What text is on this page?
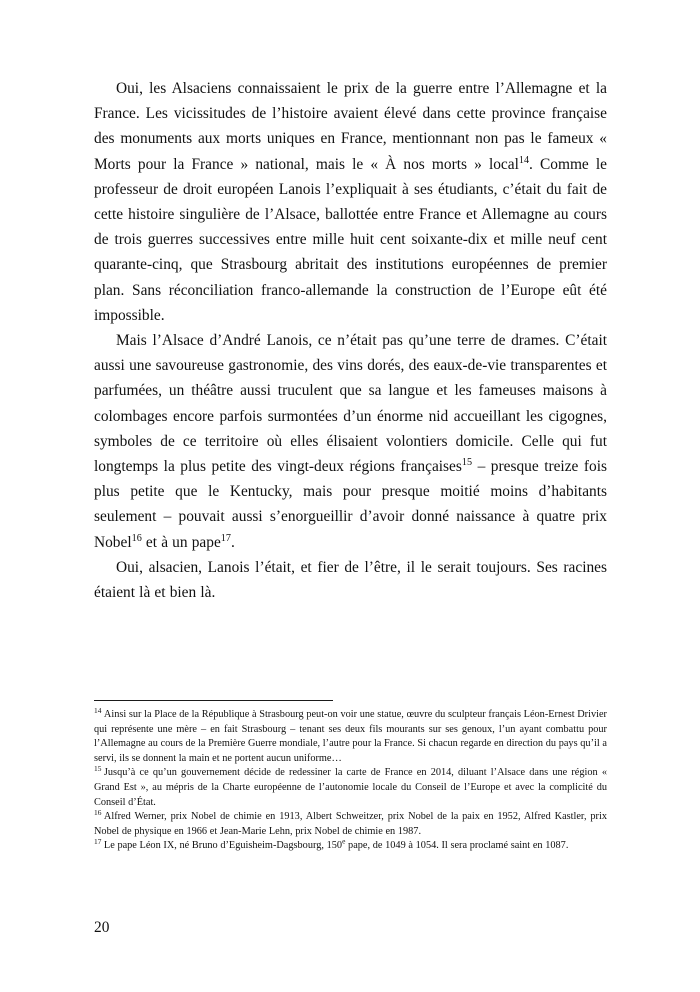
Oui, les Alsaciens connaissaient le prix de la guerre entre l’Allemagne et la France. Les vicissitudes de l’histoire avaient élevé dans cette province française des monuments aux morts uniques en France, mentionnant non pas le fameux « Morts pour la France » national, mais le « À nos morts » local$^{14}$. Comme le professeur de droit européen Lanois l’expliquait à ses étudiants, c’était du fait de cette histoire singulière de l’Alsace, ballottée entre France et Allemagne au cours de trois guerres successives entre mille huit cent soixante-dix et mille neuf cent quarante-cinq, que Strasbourg abritait des institutions européennes de premier plan. Sans réconciliation franco-allemande la construction de l’Europe eût été impossible.

Mais l’Alsace d’André Lanois, ce n’était pas qu’une terre de drames. C’était aussi une savoureuse gastronomie, des vins dorés, des eaux-de-vie transparentes et parfumées, un théâtre aussi truculent que sa langue et les fameuses maisons à colombages encore parfois surmontées d’un énorme nid accueillant les cigognes, symboles de ce territoire où elles élisaient volontiers domicile. Celle qui fut longtemps la plus petite des vingt-deux régions françaises$^{15}$ – presque treize fois plus petite que le Kentucky, mais pour presque moitié moins d’habitants seulement – pouvait aussi s’enorgueillir d’avoir donné naissance à quatre prix Nobel$^{16}$ et à un pape$^{17}$.

Oui, alsacien, Lanois l’était, et fier de l’être, il le serait toujours. Ses racines étaient là et bien là.

$^{14}$ Ainsi sur la Place de la République à Strasbourg peut-on voir une statue, œuvre du sculpteur français Léon-Ernest Drivier qui représente une mère – en fait Strasbourg – tenant ses deux fils mourants sur ses genoux, l’un ayant combattu pour l’Allemagne au cours de la Première Guerre mondiale, l’autre pour la France. Si chacun regarde en direction du pays qu’il a servi, ils se donnent la main et ne portent aucun uniforme…

$^{15}$ Jusqu’à ce qu’un gouvernement décide de redessiner la carte de France en 2014, diluant l’Alsace dans une région « Grand Est », au mépris de la Charte européenne de l’autonomie locale du Conseil de l’Europe et avec la complicité du Conseil d’État.

$^{16}$ Alfred Werner, prix Nobel de chimie en 1913, Albert Schweitzer, prix Nobel de la paix en 1952, Alfred Kastler, prix Nobel de physique en 1966 et Jean-Marie Lehn, prix Nobel de chimie en 1987.

$^{17}$ Le pape Léon IX, né Bruno d’Eguisheim-Dagsbourg, 150e pape, de 1049 à 1054. Il sera proclamé saint en 1087.

20
